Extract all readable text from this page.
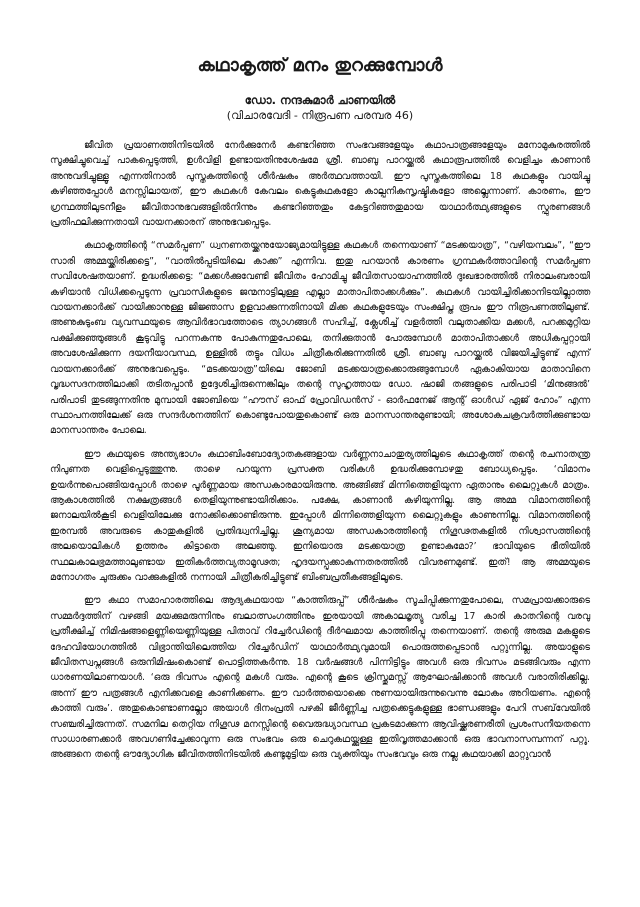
കഥാകൃത്ത് മനം തുറക്കുമ്പോൾ

ഡോ. നന്ദകുമാർ ചാണയിൽ

(വിചാരവേദി - നിരൂപണ പരമ്പര 46)

ജീവിത പ്രയാണത്തിനിടയിൽ നേർക്കുനേർ കണ്ടറിഞ്ഞ സംഭവങ്ങളേയും കഥാപാത്രങ്ങളേയും മനോമുകുരത്തിൽ സൂക്ഷിച്ചുവെച്ച് പാകപ്പെടുത്തി, ഉൾവിളി ഉണ്ടായതിനുശേഷമേ ശ്രീ. ബാബു പാറയ്ക്കൽ കഥാരൂപത്തിൽ വെളിച്ചം കാണാൻ അനുവദിച്ചുള്ളൂ എന്നതിനാൽ പുസ്തകത്തിന്റെ ശീർഷകം അർത്ഥവത്തായി. ഈ പുസ്തകത്തിലെ 18 കഥകളും വായിച്ചു കഴിഞ്ഞപ്പോൾ മനസ്സിലായത്, ഈ കഥകൾ കേവലം കെട്ടുകഥകളോ കാല്പനികസൃഷ്ടികളോ അല്ലെന്നാണ്. കാരണം, ഈ ഗ്രന്ഥത്തിലുടനീളം ജീവിതാനുഭവങ്ങളിൽനിന്നും കണ്ടറിഞ്ഞതും കേട്ടറിഞ്ഞതുമായ യാഥാർത്ഥ്യങ്ങളുടെ സ്ഫുരണങ്ങൾ പ്രതിഫലിക്കുന്നതായി വായനക്കാരന് അനുഭവപ്പെടും.

കഥാകൃത്തിന്റെ “സമർപ്പണ” ധ്വനണതയ്ക്കനുയോജ്യമായിട്ടുള്ള കഥകൾ തന്നെയാണ് “മടക്കയാത്ര”, “വഴിയമ്പലം”, “ഈ സാരി അമ്മയ്ക്കിരിക്കട്ടെ”, “വാതിൽപ്പടിയിലെ കാക്ക” എന്നിവ. ഇതു പറയാൻ കാരണം ഗ്രന്ഥകർത്താവിന്റെ സമർപ്പണ സവിശേഷതയാണ്. ഉദ്ധരിക്കട്ടെ: “മക്കൾക്കുവേണ്ടി ജീവിതം ഹോമിച്ചു ജീവിതസായാഹ്നത്തിൽ ദുഃഖഭാരത്തിൽ നിരാലംബരായി കഴിയാൻ വിധിക്കപ്പെടുന്ന പ്രവാസികളുടെ ജന്മനാട്ടിലുള്ള എല്ലാ മാതാപിതാക്കൾക്കും”. കഥകൾ വായിച്ചിരിക്കാനിടയില്ലാത്ത വായനക്കാർക്ക് വായിക്കാനുള്ള ജിജ്ഞാസ ഉളവാക്കുന്നതിനായി മിക്ക കഥകളുടേയും സംക്ഷിപ്ത രൂപം ഈ നിരൂപണത്തിലുണ്ട്. അണുകുടുംബ വ്യവസ്ഥയുടെ ആവിർഭാവത്തോടെ ത്യാഗങ്ങൾ സഹിച്ച്, ക്ലേശിച്ച് വളർത്തി വലുതാക്കിയ മക്കൾ, പറക്കമുറ്റിയ പക്ഷിക്കുഞ്ഞുങ്ങൾ കൂടുവിട്ടു പറന്നകന്നു പോകുന്നതുപോലെ, തനിക്കുതാൻ പോരുമ്പോൾ മാതാപിതാക്കൾ അധികപ്പറ്റായി അവശേഷിക്കുന്ന ദയനീയാവസ്ഥ, ഉള്ളിൽ തട്ടും വിധം ചിത്രീകരിക്കുന്നതിൽ ശ്രീ. ബാബു പാറയ്ക്കൽ വിജയിച്ചിട്ടുണ്ട് എന്ന് വായനക്കാർക്ക് അനുഭവപ്പെടും. “മടക്കയാത്ര”യിലെ ജോബി മടക്കയാത്രക്കൊരുങ്ങുമ്പോൾ ഏകാകിയായ മാതാവിനെ വൃദ്ധസദനത്തിലാക്കി തടിതപ്പാൻ ഉദ്ദേശിച്ചിരുന്നെങ്കിലും തന്റെ സുഹൃത്തായ ഡോ. ഷാജി തങ്ങളുടെ പരിപാടി ‘മിനുങ്ങൽ’ പരിപാടി തുടങ്ങുന്നതിനു മുമ്പായി ജോബിയെ “ഹൗസ് ഓഫ് പ്രോവിഡൻസ് - ഓർഫനേജ് ആന്റ് ഓൾഡ് ഏജ് ഹോം” എന്ന സ്ഥാപനത്തിലേക്ക് ഒരു സന്ദർശനത്തിന് കൊണ്ടുപോയതുകൊണ്ട് ഒരു മാനസാന്തരമുണ്ടായി; അശോകചക്രവർത്തിക്കുണ്ടായ മാനസാന്തരം പോലെ.

ഈ കഥയുടെ അന്ത്യഭാഗം കഥാബിംബോദ്യോതകങ്ങളായ വർണ്ണനാചാതുര്യത്തിലൂടെ കഥാകൃത്ത് തന്റെ രചനാതന്ത്ര നിപുണത വെളിപ്പെടുത്തുന്നു. താഴെ പറയുന്ന പ്രസക്ത വരികൾ ഉദ്ധരിക്കുമ്പോഴതു ബോധ്യപ്പെടും. ‘വിമാനം ഉയർന്നുപൊങ്ങിയപ്പോൾ താഴെ പൂർണ്ണമായ അന്ധകാരമായിരുന്നു. അങ്ങിങ്ങ് മിന്നിത്തെളിയുന്ന ഏതാനും ലൈറ്റുകൾ മാത്രം. ആകാശത്തിൽ നക്ഷത്രങ്ങൾ തെളിയുന്നുണ്ടായിരിക്കാം. പക്ഷേ, കാണാൻ കഴിയുന്നില്ല. ആ അമ്മ വിമാനത്തിന്റെ ജനാലയിൽകൂടി വെളിയിലേക്കു നോക്കിക്കൊണ്ടിരുന്നു. ഇപ്പോൾ മിന്നിത്തെളിയുന്ന ലൈറ്റുകളും കാണുന്നില്ല. വിമാനത്തിന്റെ ഇരമ്പൽ അവരുടെ കാതുകളിൽ പ്രതിദ്ധ്വനിച്ചില്ല. ശൂന്യമായ അന്ധകാരത്തിന്റെ നിഗൂഢതകളിൽ നിശ്വാസത്തിന്റെ അലയൊലികൾ ഉത്തരം കിട്ടാതെ അലഞ്ഞു. ഇനിയൊരു മടക്കയാത്ര ഉണ്ടാകുമോ?’ ഭാവിയുടെ ഭീതിയിൽ സ്ഥലകാലഭ്രമത്താലുണ്ടായ ഇതികർത്തവ്യതാമൂഢത; ഹൃദയസ്പൃക്കാകുന്നതരത്തിൽ വിവരണമുണ്ട്. ഇത്! ആ അമ്മയുടെ മനോഗതം ചുരുക്കം വാക്കുകളിൽ നന്നായി ചിത്രീകരിച്ചിട്ടുണ്ട് ബിംബപ്രതീകങ്ങളിലൂടെ.

ഈ കഥാ സമാഹാരത്തിലെ ആദ്യകഥയായ “കാത്തിരുപ്പ്” ശീർഷകം സൂചിപ്പിക്കുന്നതുപോലെ, സമപ്രായക്കാരുടെ സമ്മർദ്ദത്തിന് വഴങ്ങി മയക്കുമരുന്നിനും ബലാത്സംഗത്തിനും ഇരയായി അകാലമൃത്യു വരിച്ച 17 കാരി കാതറിന്റെ വരവു പ്രതീക്ഷിച്ച് നിമിഷങ്ങളെണ്ണിയെണ്ണിയുള്ള പിതാവ് റിച്ചേർഡിന്റെ ദീർഘമായ കാത്തിരിപ്പു തന്നെയാണ്. തന്റെ അരുമ മകളുടെ ദേഹവിയോഗത്തിൽ വിഭ്രാന്തിയിലെത്തിയ റിച്ചേർഡിന് യാഥാർത്ഥ്യവുമായി പൊരുത്തപ്പെടാൻ പറ്റുന്നില്ല. അയാളുടെ ജീവിതസ്വപ്നങ്ങൾ ഒരുനിമിഷംകൊണ്ട് പൊട്ടിത്തകർന്നു. 18 വർഷങ്ങൾ പിന്നിട്ടിട്ടും അവൾ ഒരു ദിവസം മടങ്ങിവരും എന്ന ധാരണയിലാണയാൾ. ‘ഒരു ദിവസം എന്റെ മകൾ വരും. എന്റെ കൂടെ ക്രിസ്തുമസ്സ് ആഘോഷിക്കാൻ അവൾ വരാതിരിക്കില്ല. അന്ന് ഈ പത്രങ്ങൾ എനിക്കവളെ കാണിക്കണം. ഈ വാർത്തയൊക്കെ നുണയായിരുന്നുവെന്നു ലോകം അറിയണം. എന്റെ കാത്തി വരും’. അതുകൊണ്ടാണല്ലോ അയാൾ ദിനംപ്രതി പഴകി ജീർണ്ണിച്ച പത്രക്കെട്ടുകളുള്ള ഭാണ്ഡങ്ങളും പേറി സബ്‌വേയിൽ സഞ്ചരിച്ചിരുന്നത്. സമനില തെറ്റിയ നിഗൂഢ മനസ്സിന്റെ വൈരുദ്ധ്യാവസ്ഥ പ്രകടമാക്കുന്ന ആവിഷ്ക്കരണരീതി പ്രശംസനീയതന്നെ സാധാരണക്കാർ അവഗണിച്ചേക്കാവുന്ന ഒരു സംഭവം ഒരു ചെറുകഥയ്ക്കുള്ള ഇതിവൃത്തമാക്കാൻ ഒരു ഭാവനാസമ്പന്നന് പറ്റൂ. അങ്ങനെ തന്റെ ഔദ്യോഗിക ജീവിതത്തിനിടയിൽ കണ്ടുമുട്ടിയ ഒരു വ്യക്തിയും സംഭവവും ഒരു നല്ല കഥയാക്കി മാറ്റുവാൻ
